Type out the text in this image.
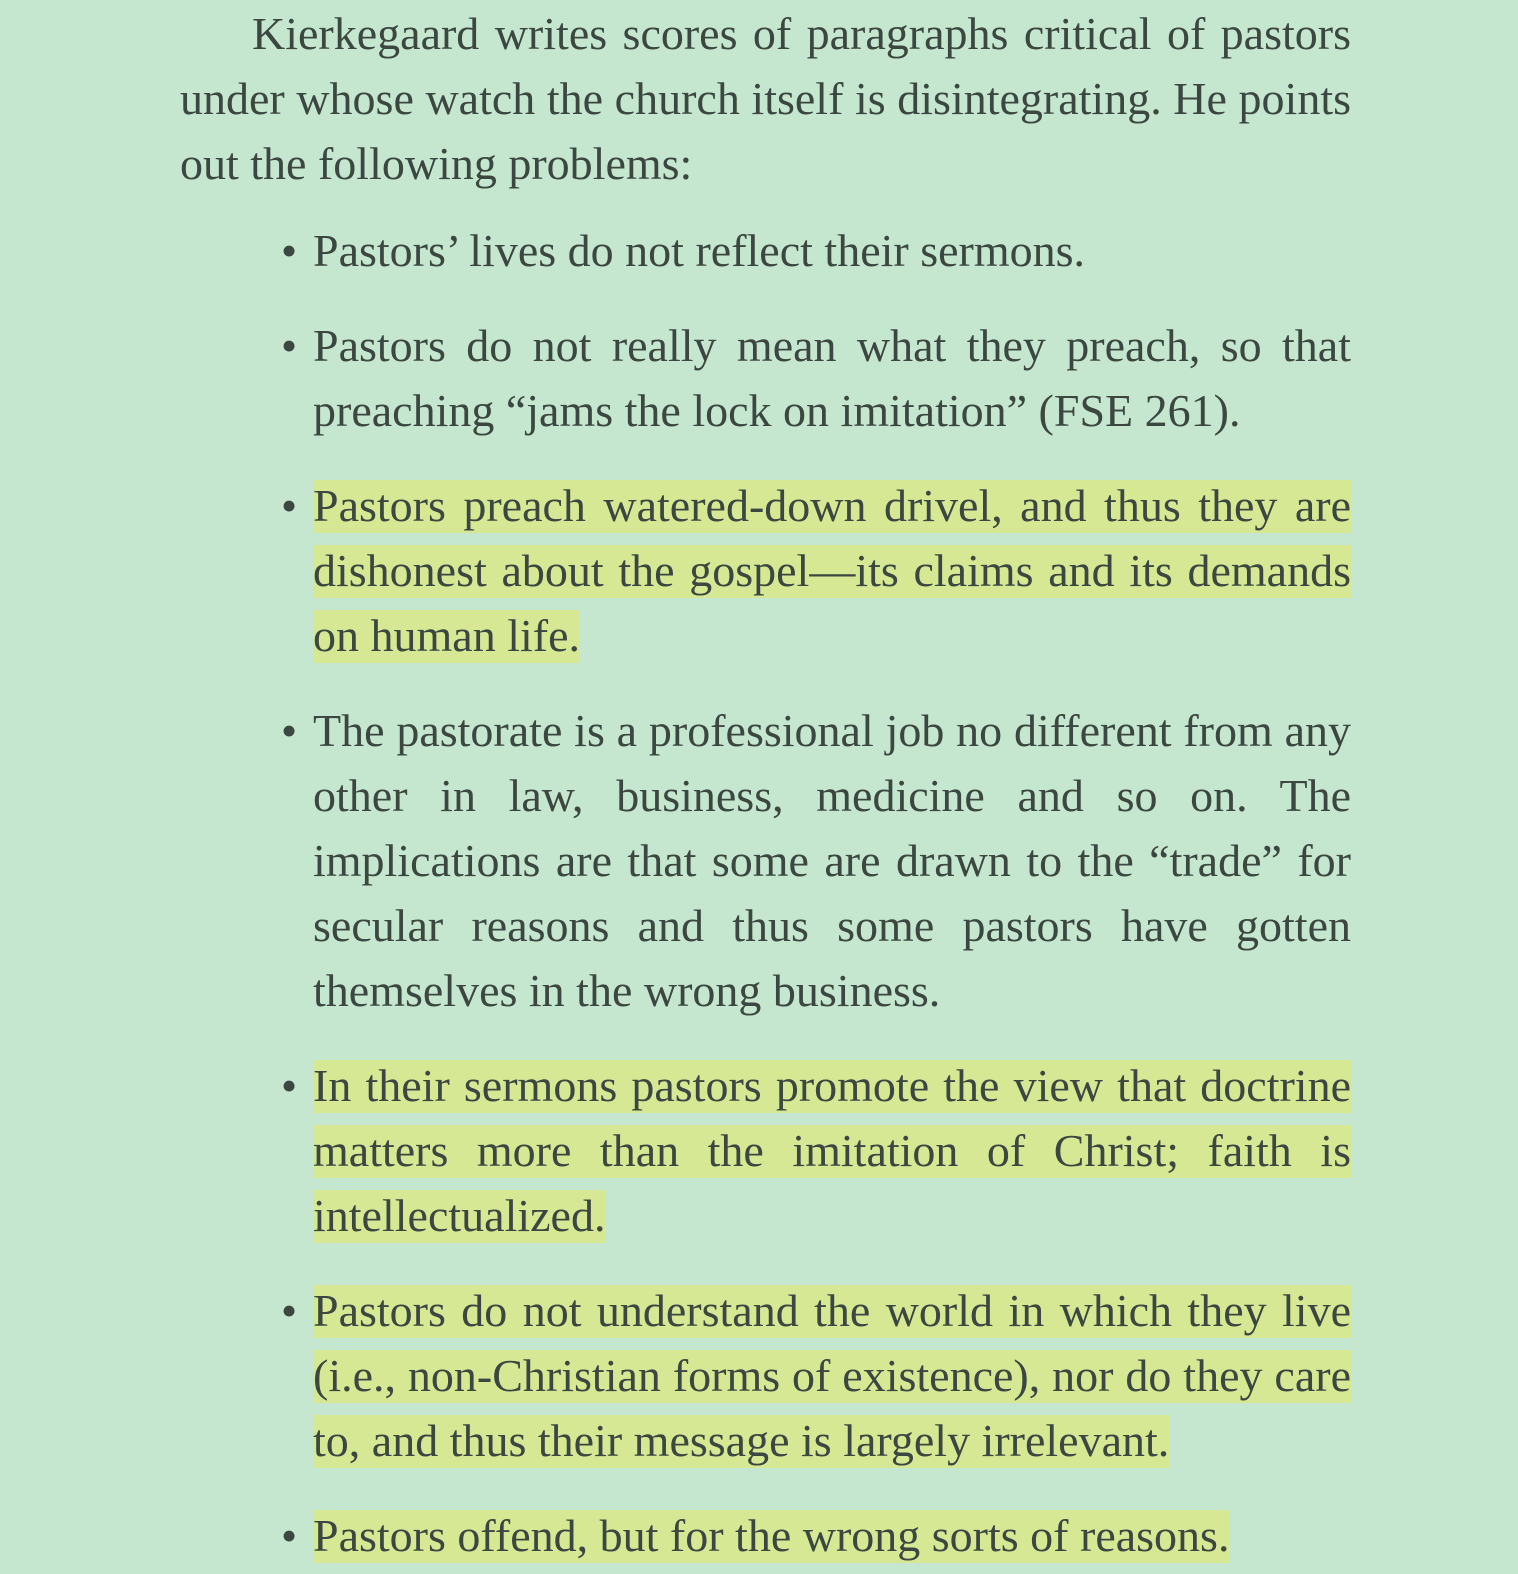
Kierkegaard writes scores of paragraphs critical of pastors under whose watch the church itself is disintegrating. He points out the following problems:

• Pastors’ lives do not reflect their sermons.
• Pastors do not really mean what they preach, so that preaching “jams the lock on imitation” (FSE 261).
• Pastors preach watered-down drivel, and thus they are dishonest about the gospel—its claims and its demands on human life.
• The pastorate is a professional job no different from any other in law, business, medicine and so on. The implications are that some are drawn to the “trade” for secular reasons and thus some pastors have gotten themselves in the wrong business.
• In their sermons pastors promote the view that doctrine matters more than the imitation of Christ; faith is intellectualized.
• Pastors do not understand the world in which they live (i.e., non-Christian forms of existence), nor do they care to, and thus their message is largely irrelevant.
• Pastors offend, but for the wrong sorts of reasons.
